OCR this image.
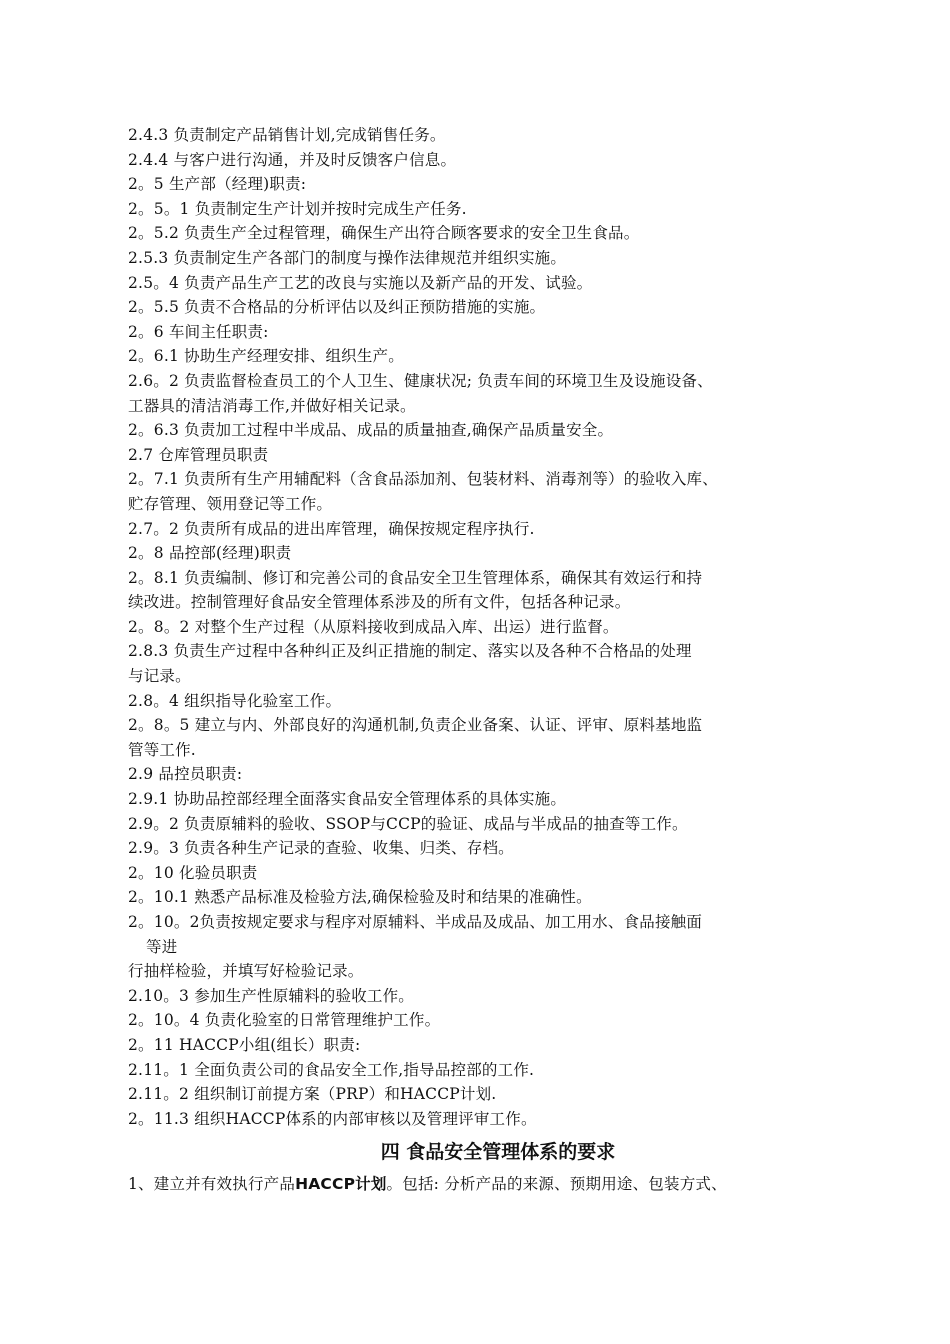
2.4.3 负责制定产品销售计划,完成销售任务。
2.4.4 与客户进行沟通，并及时反馈客户信息。
2。5 生产部（经理)职责:
2。5。1 负责制定生产计划并按时完成生产任务.
2。5.2 负责生产全过程管理，确保生产出符合顾客要求的安全卫生食品。
2.5.3 负责制定生产各部门的制度与操作法律规范并组织实施。
2.5。4 负责产品生产工艺的改良与实施以及新产品的开发、试验。
2。5.5 负责不合格品的分析评估以及纠正预防措施的实施。
2。6 车间主任职责:
2。6.1 协助生产经理安排、组织生产。
2.6。2 负责监督检查员工的个人卫生、健康状况; 负责车间的环境卫生及设施设备、
工器具的清洁消毒工作,并做好相关记录。
2。6.3 负责加工过程中半成品、成品的质量抽查,确保产品质量安全。
2.7 仓库管理员职责
2。7.1 负责所有生产用辅配料（含食品添加剂、包装材料、消毒剂等）的验收入库、
贮存管理、领用登记等工作。
2.7。2 负责所有成品的进出库管理，确保按规定程序执行.
2。8 品控部(经理)职责
2。8.1 负责编制、修订和完善公司的食品安全卫生管理体系，确保其有效运行和持
续改进。控制管理好食品安全管理体系涉及的所有文件，包括各种记录。
2。8。2 对整个生产过程（从原料接收到成品入库、出运）进行监督。
2.8.3 负责生产过程中各种纠正及纠正措施的制定、落实以及各种不合格品的处理
与记录。
2.8。4 组织指导化验室工作。
2。8。5 建立与内、外部良好的沟通机制,负责企业备案、认证、评审、原料基地监
管等工作.
2.9 品控员职责:
2.9.1 协助品控部经理全面落实食品安全管理体系的具体实施。
2.9。2 负责原辅料的验收、SSOP与CCP的验证、成品与半成品的抽查等工作。
2.9。3 负责各种生产记录的查验、收集、归类、存档。
2。10 化验员职责
2。10.1 熟悉产品标准及检验方法,确保检验及时和结果的准确性。
2。10。2负责按规定要求与程序对原辅料、半成品及成品、加工用水、食品接触面
等进
行抽样检验，并填写好检验记录。
2.10。3 参加生产性原辅料的验收工作。
2。10。4 负责化验室的日常管理维护工作。
2。11 HACCP小组(组长）职责:
2.11。1 全面负责公司的食品安全工作,指导品控部的工作.
2.11。2 组织制订前提方案（PRP）和HACCP计划.
2。11.3 组织HACCP体系的内部审核以及管理评审工作。
四 食品安全管理体系的要求
1、建立并有效执行产品HACCP计划。包括: 分析产品的来源、预期用途、包装方式、
